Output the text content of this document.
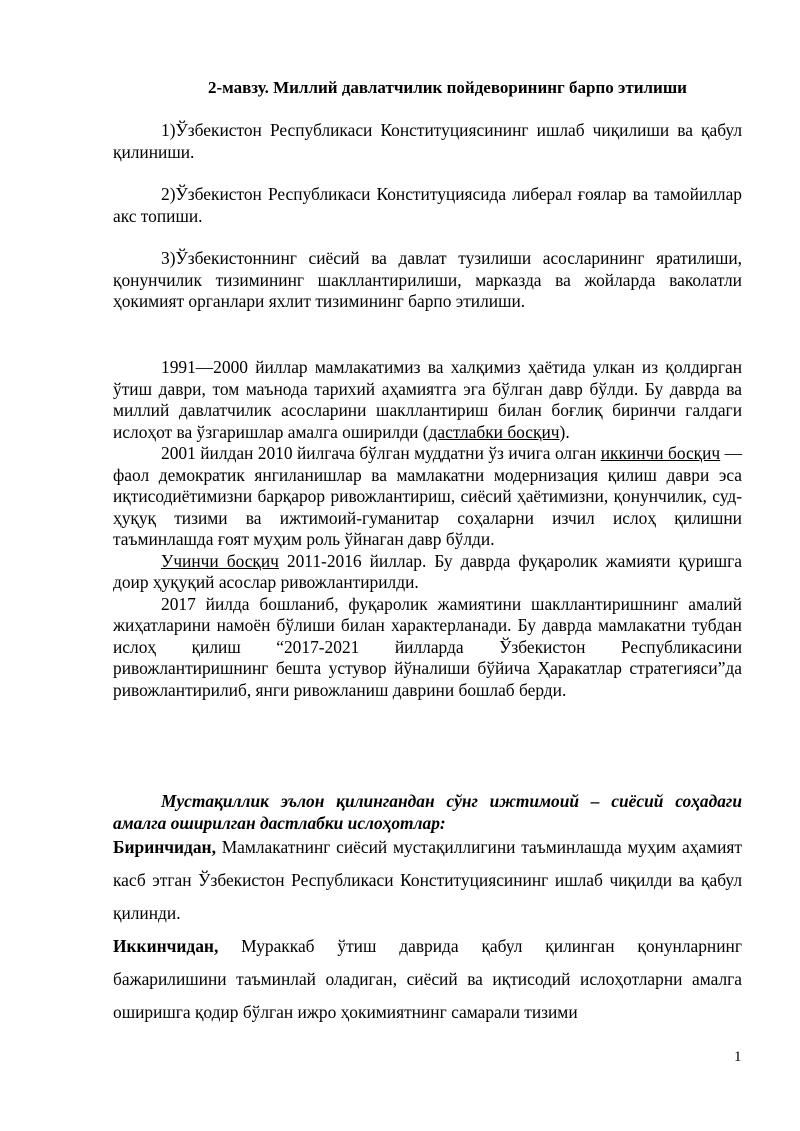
2-мавзу. Миллий давлатчилик пойдеворининг барпо этилиши

1)Ўзбекистон Республикаси Конституциясининг ишлаб чиқилиши ва қабул қилиниши.

2)Ўзбекистон Республикаси Конституциясида либерал ғоялар ва тамойиллар акс топиши.

3)Ўзбекистоннинг сиёсий ва давлат тузилиши асосларининг яратилиши, қонунчилик тизимининг шакллантирилиши, марказда ва жойларда ваколатли ҳокимият органлари яхлит тизимининг барпо этилиши.

1991—2000 йиллар мамлакатимиз ва халқимиз ҳаётида улкан из қолдирган ўтиш даври, том маънода тарихий аҳамиятга эга бўлган давр бўлди. Бу даврда ва миллий давлатчилик асосларини шакллантириш билан боғлиқ биринчи галдаги ислоҳот ва ўзгаришлар амалга оширилди (дастлабки босқич).

2001 йилдан 2010 йилгача бўлган муддатни ўз ичига олган иккинчи босқич — фаол демократик янгиланишлар ва мамлакатни модернизация қилиш даври эса иқтисодиётимизни барқарор ривожлантириш, сиёсий ҳаётимизни, қонунчилик, суд-ҳуқуқ тизими ва ижтимоий-гуманитар соҳаларни изчил ислоҳ қилишни таъминлашда ғоят муҳим роль ўйнаган давр бўлди.

Учинчи босқич 2011-2016 йиллар. Бу даврда фуқаролик жамияти қуришга доир ҳуқуқий асослар ривожлантирилди.

2017 йилда бошланиб, фуқаролик жамиятини шакллантиришнинг амалий жиҳатларини намоён бўлиши билан характерланади. Бу даврда мамлакатни тубдан ислоҳ қилиш “2017-2021 йилларда Ўзбекистон Республикасини ривожлантиришнинг бешта устувор йўналиши бўйича Ҳаракатлар стратегияси”да ривожлантирилиб, янги ривожланиш даврини бошлаб берди.

Мустақиллик эълон қилингандан сўнг ижтимоий – сиёсий соҳадаги амалга оширилган дастлабки ислоҳотлар:

Биринчидан, Мамлакатнинг сиёсий мустақиллигини таъминлашда муҳим аҳамият касб этган Ўзбекистон Республикаси Конституциясининг ишлаб чиқилди ва қабул қилинди.

Иккинчидан, Мураккаб ўтиш даврида қабул қилинган қонунларнинг бажарилишини таъминлай оладиган, сиёсий ва иқтисодий ислоҳотларни амалга оширишга қодир бўлган ижро ҳокимиятнинг самарали тизими

1
